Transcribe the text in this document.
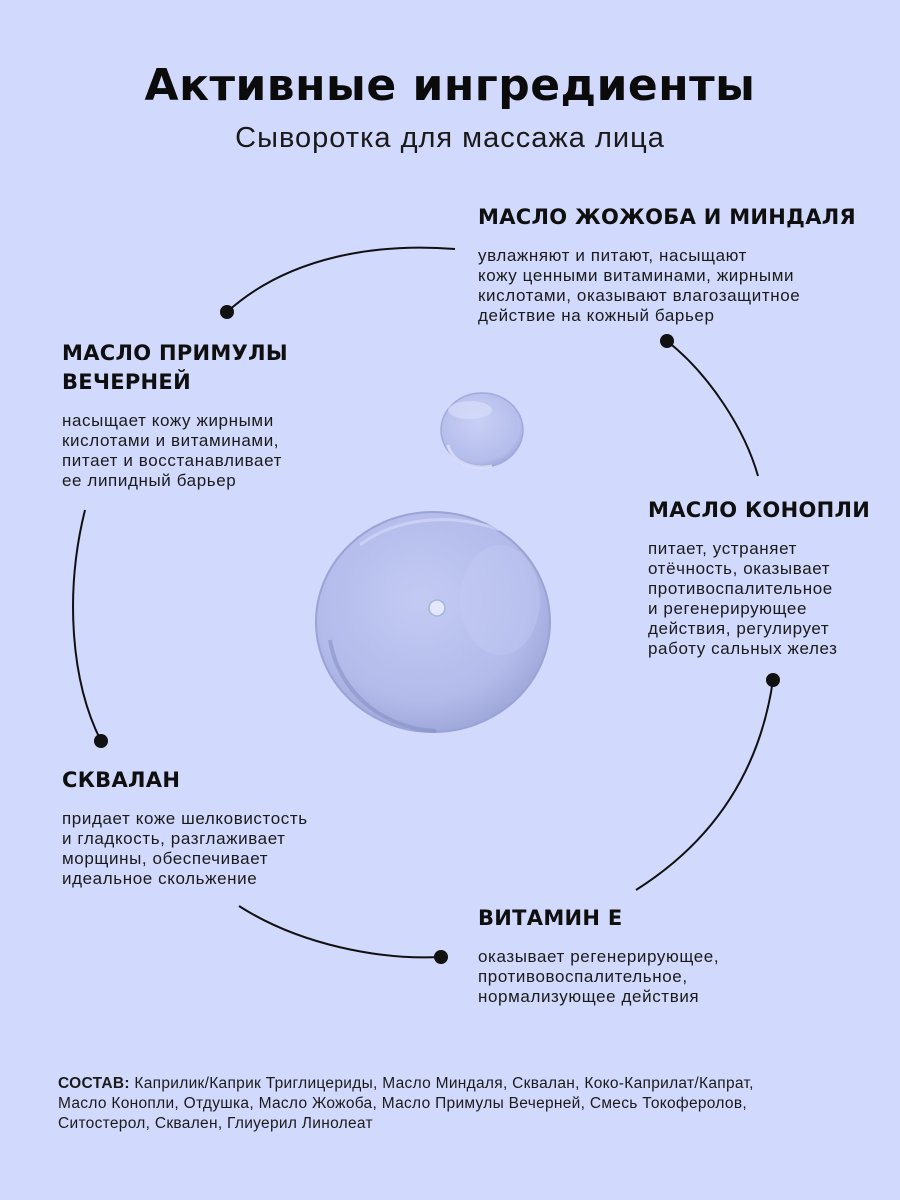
Активные ингредиенты
Сыворотка для массажа лица
МАСЛО ЖОЖОБА И МИНДАЛЯ
увлажняют и питают, насыщают
кожу ценными витаминами, жирными
кислотами, оказывают влагозащитное
действие на кожный барьер
МАСЛО ПРИМУЛЫ
ВЕЧЕРНЕЙ
насыщает кожу жирными
кислотами и витаминами,
питает и восстанавливает
ее липидный барьер
МАСЛО КОНОПЛИ
питает, устраняет
отёчность, оказывает
противоспалительное
и регенерирующее
действия, регулирует
работу сальных желез
СКВАЛАН
придает коже шелковистость
и гладкость, разглаживает
морщины, обеспечивает
идеальное скольжение
ВИТАМИН Е
оказывает регенерирующее,
противовоспалительное,
нормализующее действия
СОСТАВ: Каприлик/Каприк Триглицериды, Масло Миндаля, Сквалан, Коко-Каприлат/Капрат,
Масло Конопли, Отдушка, Масло Жожоба, Масло Примулы Вечерней, Смесь Токоферолов,
Ситостерол, Сквален, Глиуерил Линолеат
